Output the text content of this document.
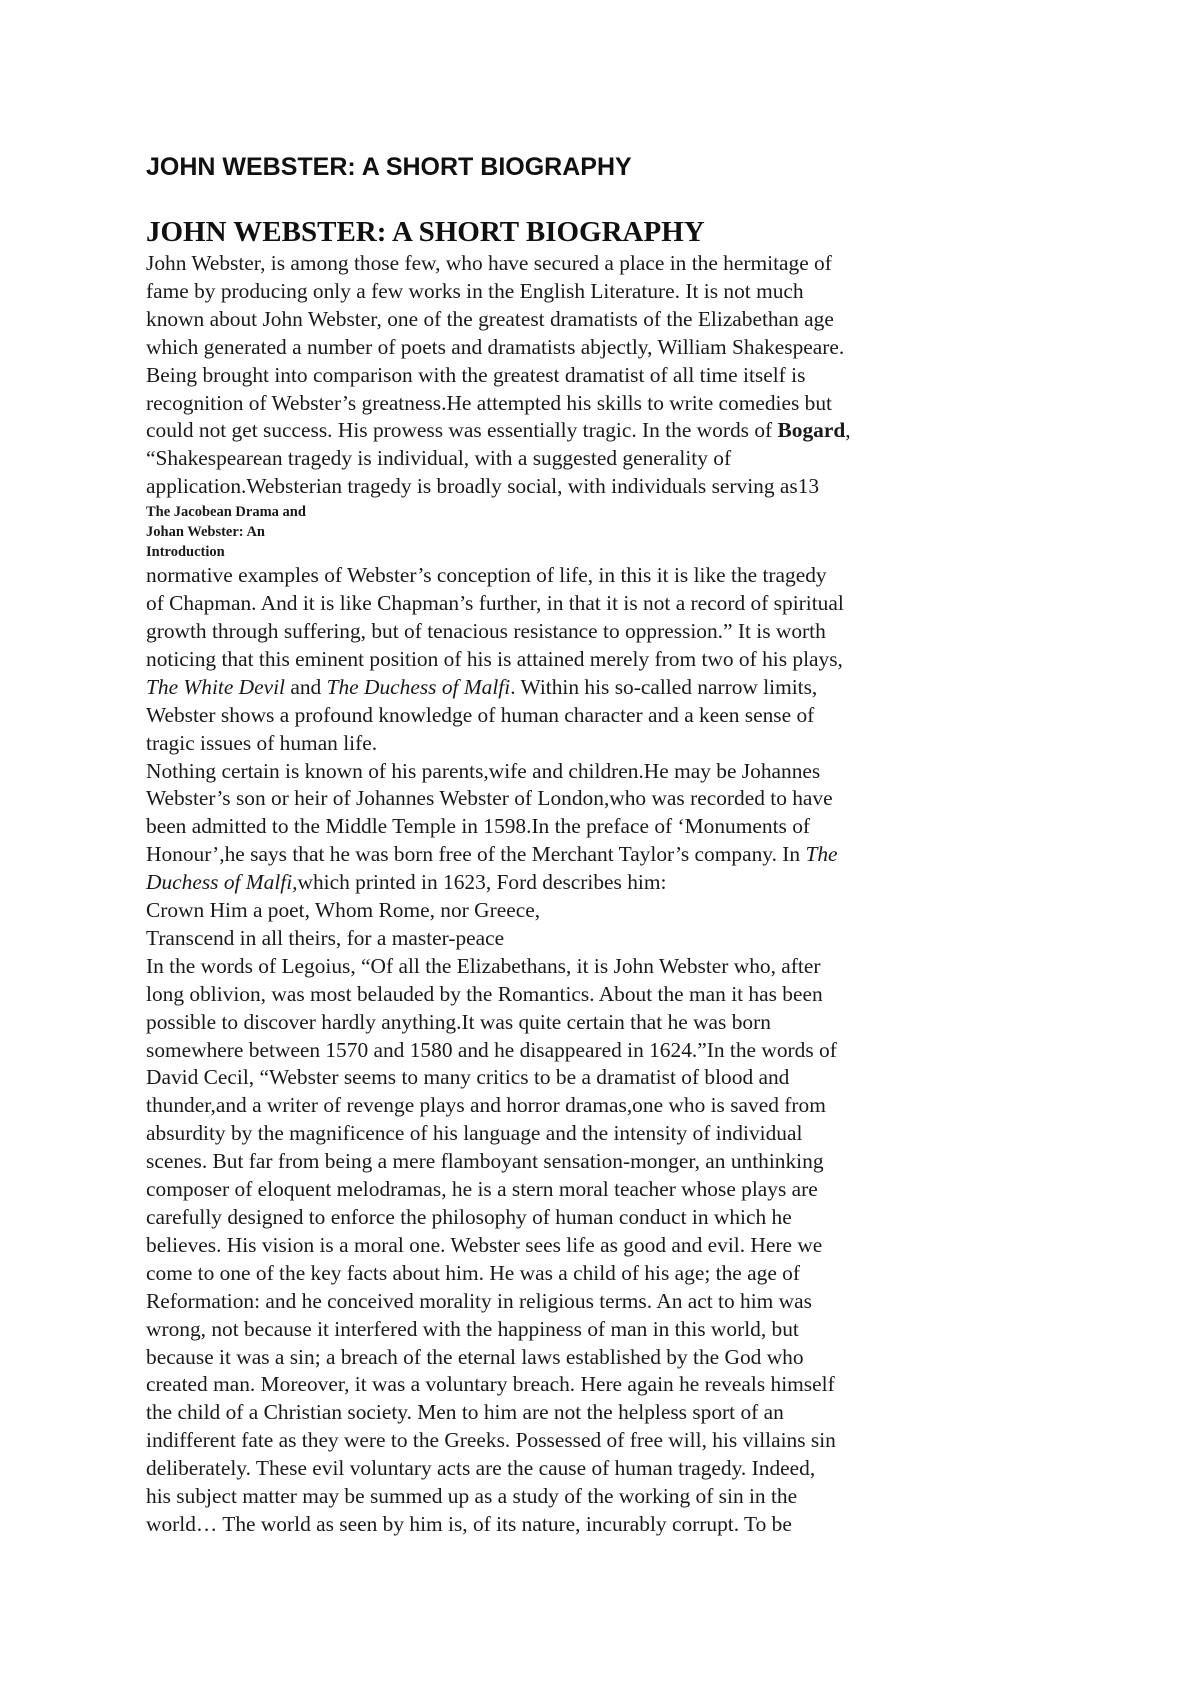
JOHN WEBSTER: A SHORT BIOGRAPHY
JOHN WEBSTER: A SHORT BIOGRAPHY
John Webster, is among those few, who have secured a place in the hermitage of
fame by producing only a few works in the English Literature. It is not much
known about John Webster, one of the greatest dramatists of the Elizabethan age
which generated a number of poets and dramatists abjectly, William Shakespeare.
Being brought into comparison with the greatest dramatist of all time itself is
recognition of Webster’s greatness.He attempted his skills to write comedies but
could not get success. His prowess was essentially tragic. In the words of Bogard,
“Shakespearean tragedy is individual, with a suggested generality of
application.Websterian tragedy is broadly social, with individuals serving as13
The Jacobean Drama and
Johan Webster: An
Introduction
normative examples of Webster’s conception of life, in this it is like the tragedy
of Chapman. And it is like Chapman’s further, in that it is not a record of spiritual
growth through suffering, but of tenacious resistance to oppression.” It is worth
noticing that this eminent position of his is attained merely from two of his plays,
The White Devil and The Duchess of Malfi. Within his so-called narrow limits,
Webster shows a profound knowledge of human character and a keen sense of
tragic issues of human life.
Nothing certain is known of his parents,wife and children.He may be Johannes
Webster’s son or heir of Johannes Webster of London,who was recorded to have
been admitted to the Middle Temple in 1598.In the preface of ‘Monuments of
Honour’,he says that he was born free of the Merchant Taylor’s company. In The
Duchess of Malfi,which printed in 1623, Ford describes him:
Crown Him a poet, Whom Rome, nor Greece,
Transcend in all theirs, for a master-peace
In the words of Legoius, “Of all the Elizabethans, it is John Webster who, after
long oblivion, was most belauded by the Romantics. About the man it has been
possible to discover hardly anything.It was quite certain that he was born
somewhere between 1570 and 1580 and he disappeared in 1624.”In the words of
David Cecil, “Webster seems to many critics to be a dramatist of blood and
thunder,and a writer of revenge plays and horror dramas,one who is saved from
absurdity by the magnificence of his language and the intensity of individual
scenes. But far from being a mere flamboyant sensation-monger, an unthinking
composer of eloquent melodramas, he is a stern moral teacher whose plays are
carefully designed to enforce the philosophy of human conduct in which he
believes. His vision is a moral one. Webster sees life as good and evil. Here we
come to one of the key facts about him. He was a child of his age; the age of
Reformation: and he conceived morality in religious terms. An act to him was
wrong, not because it interfered with the happiness of man in this world, but
because it was a sin; a breach of the eternal laws established by the God who
created man. Moreover, it was a voluntary breach. Here again he reveals himself
the child of a Christian society. Men to him are not the helpless sport of an
indifferent fate as they were to the Greeks. Possessed of free will, his villains sin
deliberately. These evil voluntary acts are the cause of human tragedy. Indeed,
his subject matter may be summed up as a study of the working of sin in the
world… The world as seen by him is, of its nature, incurably corrupt. To be
